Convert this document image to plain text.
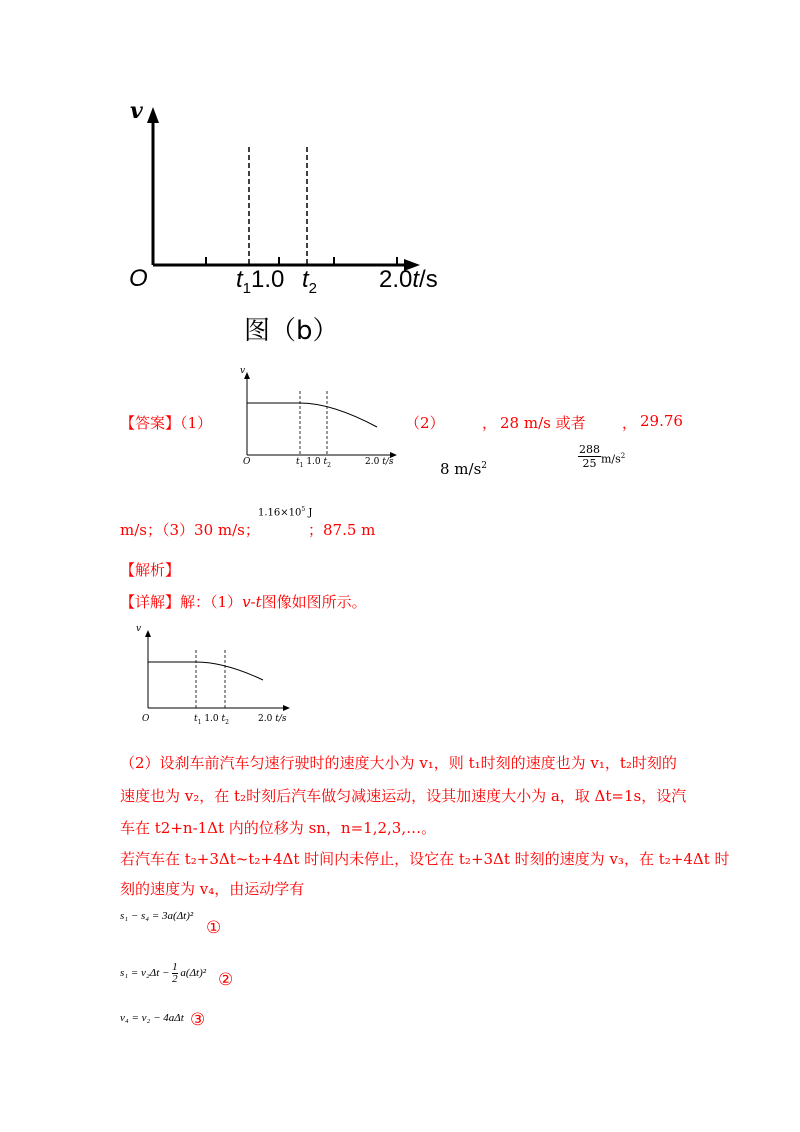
v
O	$t_11.0$ $t_2$	2.0t/s
图（b）
【答案】（1）
v
O	$t_1$ 1.0 $t_2$	2.0 t/s
（2）
8 $m/s^2$
， 28 m/s 或者
$\frac{288}{25} m/s^2$
， 29.76
m/s；（3）30 m/s；
$1.16\times 10^5$ J
；87.5 m
【解析】
【详解】解：（1）v-t图像如图所示。
v
O	$t_1$ 1.0 $t_2$	2.0 t/s
（2）设刹车前汽车匀速行驶时的速度大小为 v₁，则 t₁时刻的速度也为 v₁，t₂时刻的
速度也为 v₂，在 t₂时刻后汽车做匀减速运动，设其加速度大小为 a，取 Δt=1s，设汽
车在 t2+n-1Δt 内的位移为 sn，n=1,2,3,…。
若汽车在 t₂+3Δt~t₂+4Δt 时间内未停止，设它在 t₂+3Δt 时刻的速度为 v₃，在 t₂+4Δt 时
刻的速度为 v₄，由运动学有
s₁ − s₄ = 3a(Δt)²
①
$s_1 = v_2\Delta t - \frac{1}{2} a(\Delta t)^2$ ②
v₄ = v₂ − 4aΔt ③
